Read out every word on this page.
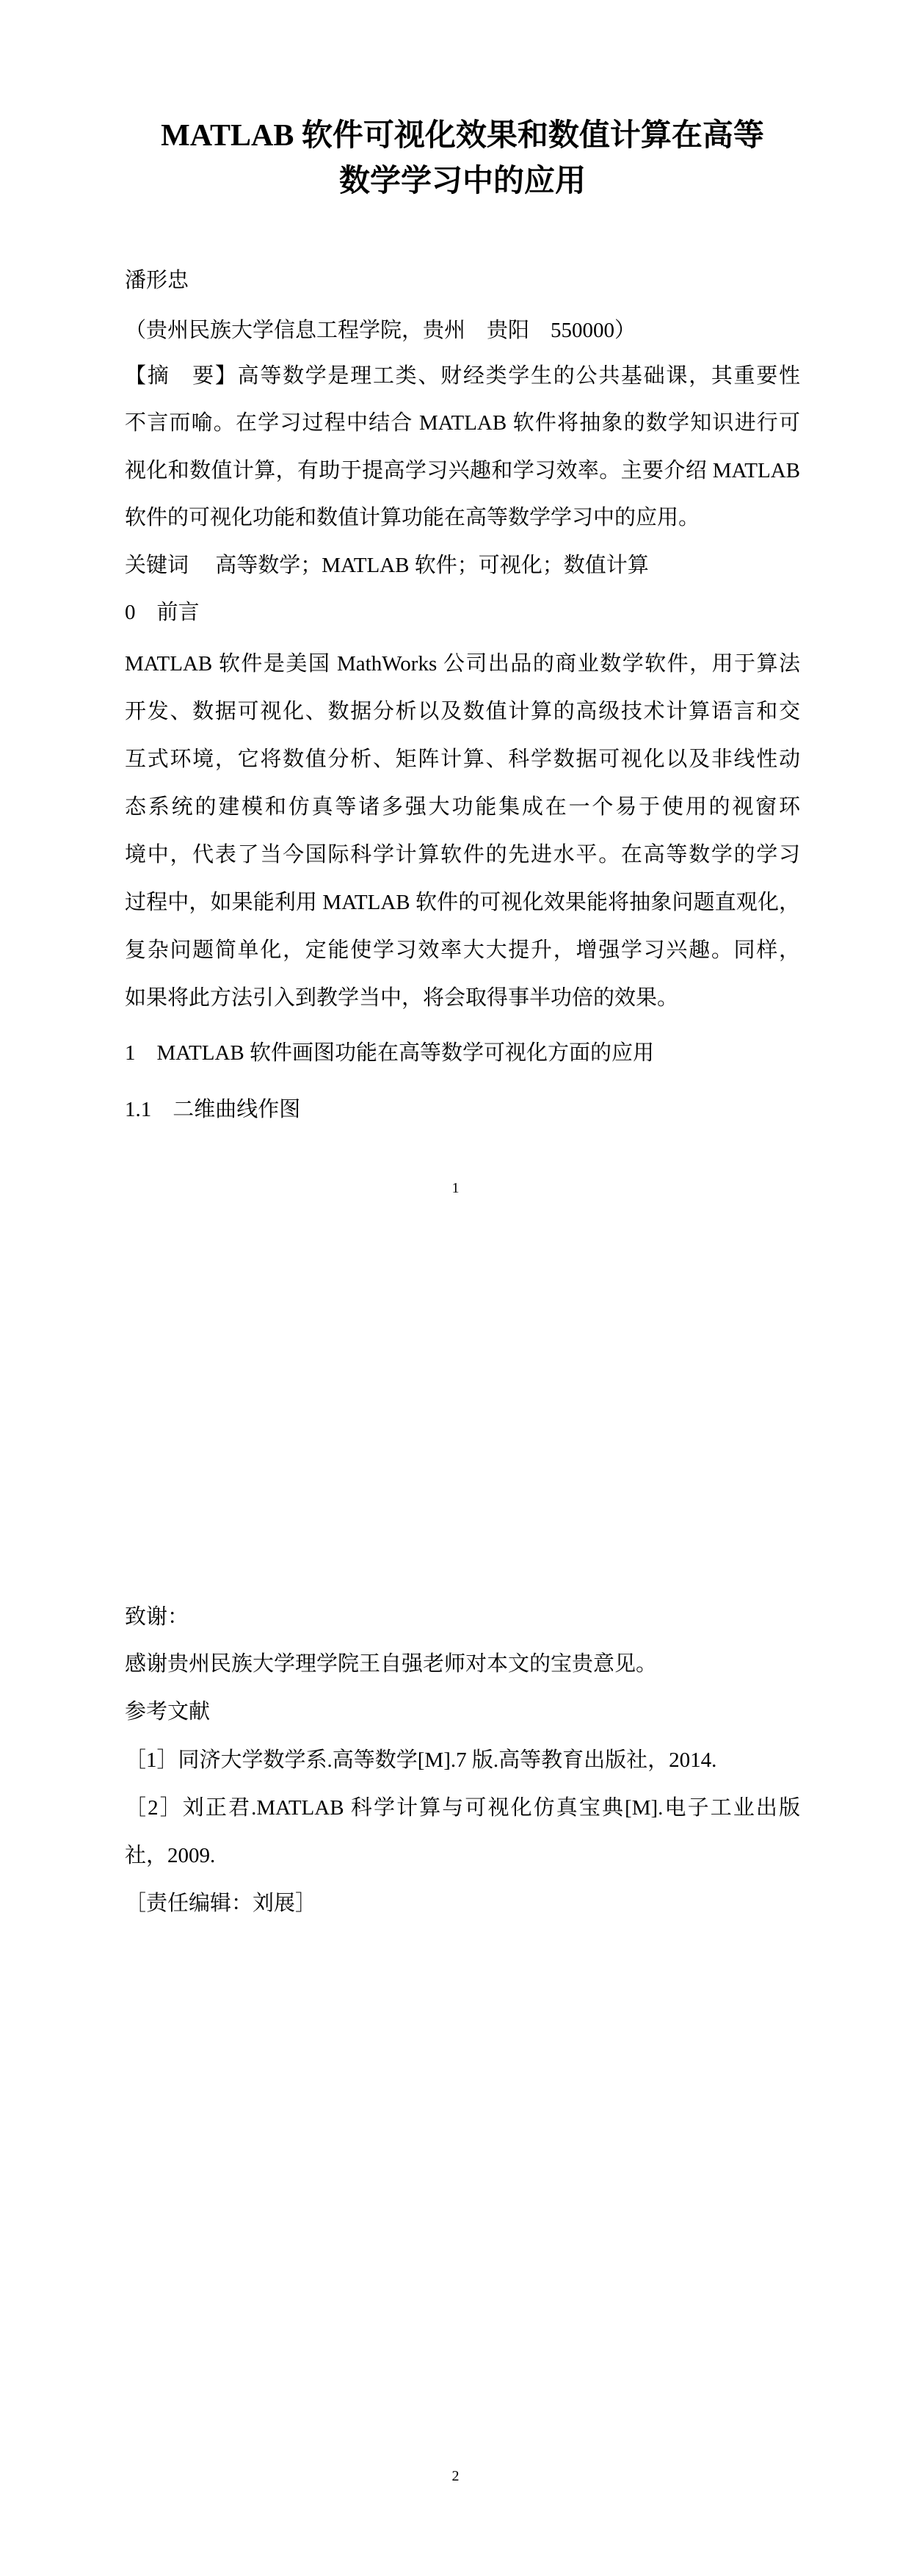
MATLAB 软件可视化效果和数值计算在高等
数学学习中的应用
潘形忠
（贵州民族大学信息工程学院，贵州　贵阳　550000）
【摘　要】高等数学是理工类、财经类学生的公共基础课，其重要性
不言而喻。在学习过程中结合 MATLAB 软件将抽象的数学知识进行可
视化和数值计算，有助于提高学习兴趣和学习效率。主要介绍 MATLAB
软件的可视化功能和数值计算功能在高等数学学习中的应用。
关键词　 高等数学；MATLAB 软件；可视化；数值计算
0　前言
MATLAB 软件是美国 MathWorks 公司出品的商业数学软件，用于算法
开发、数据可视化、数据分析以及数值计算的高级技术计算语言和交
互式环境，它将数值分析、矩阵计算、科学数据可视化以及非线性动
态系统的建模和仿真等诸多强大功能集成在一个易于使用的视窗环
境中，代表了当今国际科学计算软件的先进水平。在高等数学的学习
过程中，如果能利用 MATLAB 软件的可视化效果能将抽象问题直观化，
复杂问题简单化，定能使学习效率大大提升，增强学习兴趣。同样，
如果将此方法引入到教学当中，将会取得事半功倍的效果。
1　MATLAB 软件画图功能在高等数学可视化方面的应用
1.1　二维曲线作图
1
致谢：
感谢贵州民族大学理学院王自强老师对本文的宝贵意见。
参考文献
［1］同济大学数学系.高等数学[M].7 版.高等教育出版社，2014.
［2］刘正君.MATLAB 科学计算与可视化仿真宝典[M].电子工业出版
社，2009.
［责任编辑：刘展］
2
